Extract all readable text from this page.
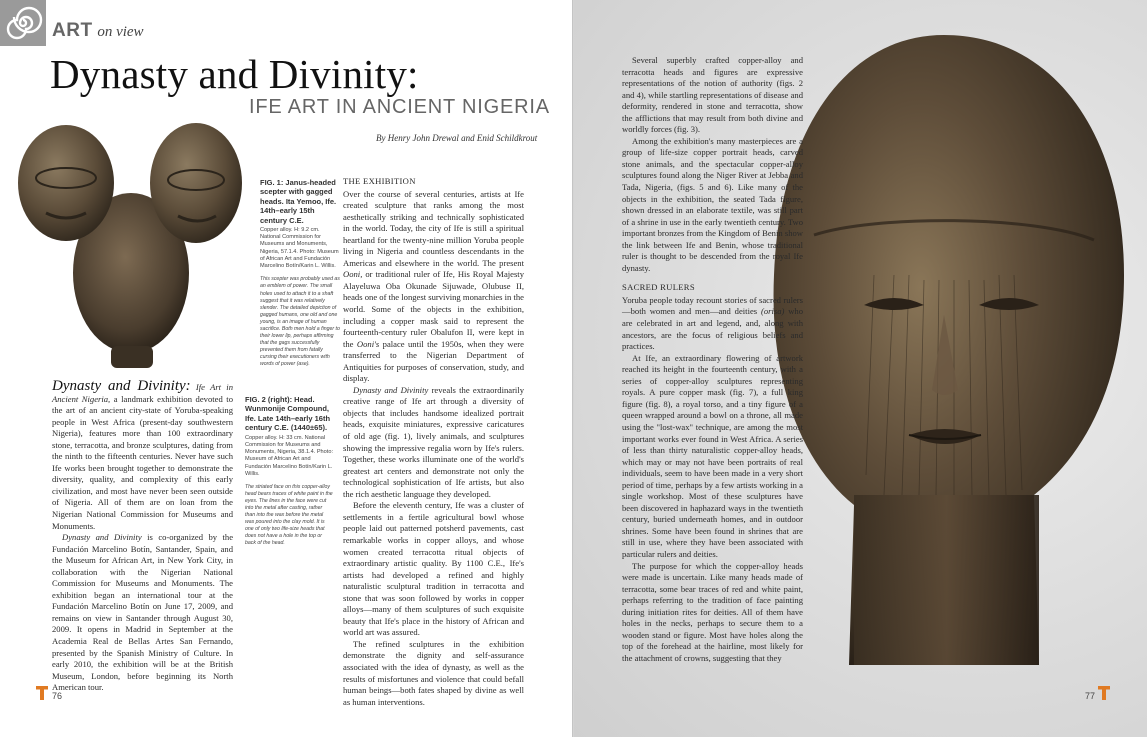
ART on view
Dynasty and Divinity:
IFE ART IN ANCIENT NIGERIA
By Henry John Drewal and Enid Schildkrout
FIG. 1: Janus-headed scepter with gagged heads. Ita Yemoo, Ife. 14th–early 15th century C.E.
Copper alloy. H: 9.2 cm. National Commission for Museums and Monuments, Nigeria, 57.1.4. Photo: Museum of African Art and Fundación Marcelino Botín/Karin L. Willis.
This scepter was probably used as an emblem of power. The small holes used to attach it to a shaft suggest that it was relatively slender. The detailed depiction of gagged humans, one old and one young, is an image of human sacrifice. Both men hold a finger to their lower lip, perhaps affirming that the gags successfully prevented them from fatally cursing their executioners with words of power (ase).
FIG. 2 (right): Head. Wunmonije Compound, Ife. Late 14th–early 16th century C.E. (1440±65).
Copper alloy. H: 33 cm. National Commission for Museums and Monuments, Nigeria, 38.1.4. Photo: Museum of African Art and Fundación Marcelino Botín/Karin L. Willis.
The striated face on this copper-alloy head bears traces of white paint in the eyes. The lines in the face were cut into the metal after casting, rather than into the wax before the metal was poured into the clay mold. It is one of only two life-size heads that does not have a hole in the top or back of the head.

Dynasty and Divinity: Ife Art in Ancient Nigeria, a landmark exhibition devoted to the art of an ancient city-state of Yoruba-speaking people in West Africa (present-day southwestern Nigeria), features more than 100 extraordinary stone, terracotta, and bronze sculptures, dating from the ninth to the fifteenth centuries. Never have such Ife works been brought together to demonstrate the diversity, quality, and complexity of this early civilization, and most have never been seen outside of Nigeria. All of them are on loan from the Nigerian National Commission for Museums and Monuments.

Dynasty and Divinity is co-organized by the Fundación Marcelino Botín, Santander, Spain, and the Museum for African Art, in New York City, in collaboration with the Nigerian National Commission for Museums and Monuments. The exhibition began an international tour at the Fundación Marcelino Botín on June 17, 2009, and remains on view in Santander through August 30, 2009. It opens in Madrid in September at the Academia Real de Bellas Artes San Fernando, presented by the Spanish Ministry of Culture. In early 2010, the exhibition will be at the British Museum, London, before beginning its North American tour.

THE EXHIBITION

Over the course of several centuries, artists at Ife created sculpture that ranks among the most aesthetically striking and technically sophisticated in the world. Today, the city of Ife is still a spiritual heartland for the twenty-nine million Yoruba people living in Nigeria and countless descendants in the Americas and elsewhere in the world. The present Ooni, or traditional ruler of Ife, His Royal Majesty Alayeluwa Oba Okunade Sijuwade, Olubuse II, heads one of the longest surviving monarchies in the world. Some of the objects in the exhibition, including a copper mask said to represent the fourteenth-century ruler Obalufon II, were kept in the Ooni's palace until the 1950s, when they were transferred to the Nigerian Department of Antiquities for purposes of conservation, study, and display.

Dynasty and Divinity reveals the extraordinarily creative range of Ife art through a diversity of objects that includes handsome idealized portrait heads, exquisite miniatures, expressive caricatures of old age (fig. 1), lively animals, and sculptures showing the impressive regalia worn by Ife's rulers. Together, these works illuminate one of the world's greatest art centers and demonstrate not only the technological sophistication of Ife artists, but also the rich aesthetic language they developed.

Before the eleventh century, Ife was a cluster of settlements in a fertile agricultural bowl whose people laid out patterned potsherd pavements, cast remarkable works in copper alloys, and whose women created terracotta ritual objects of extraordinary artistic quality. By 1100 C.E., Ife's artists had developed a refined and highly naturalistic sculptural tradition in terracotta and stone that was soon followed by works in copper alloys—many of them sculptures of such exquisite beauty that Ife's place in the history of African and world art was assured.

The refined sculptures in the exhibition demonstrate the dignity and self-assurance associated with the idea of dynasty, as well as the results of misfortunes and violence that could befall human beings—both fates shaped by divine as well as human interventions.

76

Several superbly crafted copper-alloy and terracotta heads and figures are expressive representations of the notion of authority (figs. 2 and 4), while startling representations of disease and deformity, rendered in stone and terracotta, show the afflictions that may result from both divine and worldly forces (fig. 3).

Among the exhibition's many masterpieces are a group of life-size copper portrait heads, carved stone animals, and the spectacular copper-alloy sculptures found along the Niger River at Jebba and Tada, Nigeria, (figs. 5 and 6). Like many of the objects in the exhibition, the seated Tada figure, shown dressed in an elaborate textile, was still part of a shrine in use in the early twentieth century. Two important bronzes from the Kingdom of Benin show the link between Ife and Benin, whose traditional ruler is thought to be descended from the royal Ife dynasty.

SACRED RULERS

Yoruba people today recount stories of sacred rulers—both women and men—and deities (orisa) who are celebrated in art and legend, and, along with ancestors, are the focus of religious beliefs and practices.

At Ife, an extraordinary flowering of artwork reached its height in the fourteenth century, with a series of copper-alloy sculptures representing royals. A pure copper mask (fig. 7), a full king figure (fig. 8), a royal torso, and a tiny figure of a queen wrapped around a bowl on a throne, all made using the "lost-wax" technique, are among the most important works ever found in West Africa. A series of less than thirty naturalistic copper-alloy heads, which may or may not have been portraits of real individuals, seem to have been made in a very short period of time, perhaps by a few artists working in a single workshop. Most of these sculptures have been discovered in haphazard ways in the twentieth century, buried underneath homes, and in outdoor shrines. Some have been found in shrines that are still in use, where they have been associated with particular rulers and deities.

The purpose for which the copper-alloy heads were made is uncertain. Like many heads made of terracotta, some bear traces of red and white paint, perhaps referring to the tradition of face painting during initiation rites for deities. All of them have holes in the necks, perhaps to secure them to a wooden stand or figure. Most have holes along the top of the forehead at the hairline, most likely for the attachment of crowns, suggesting that they

77
